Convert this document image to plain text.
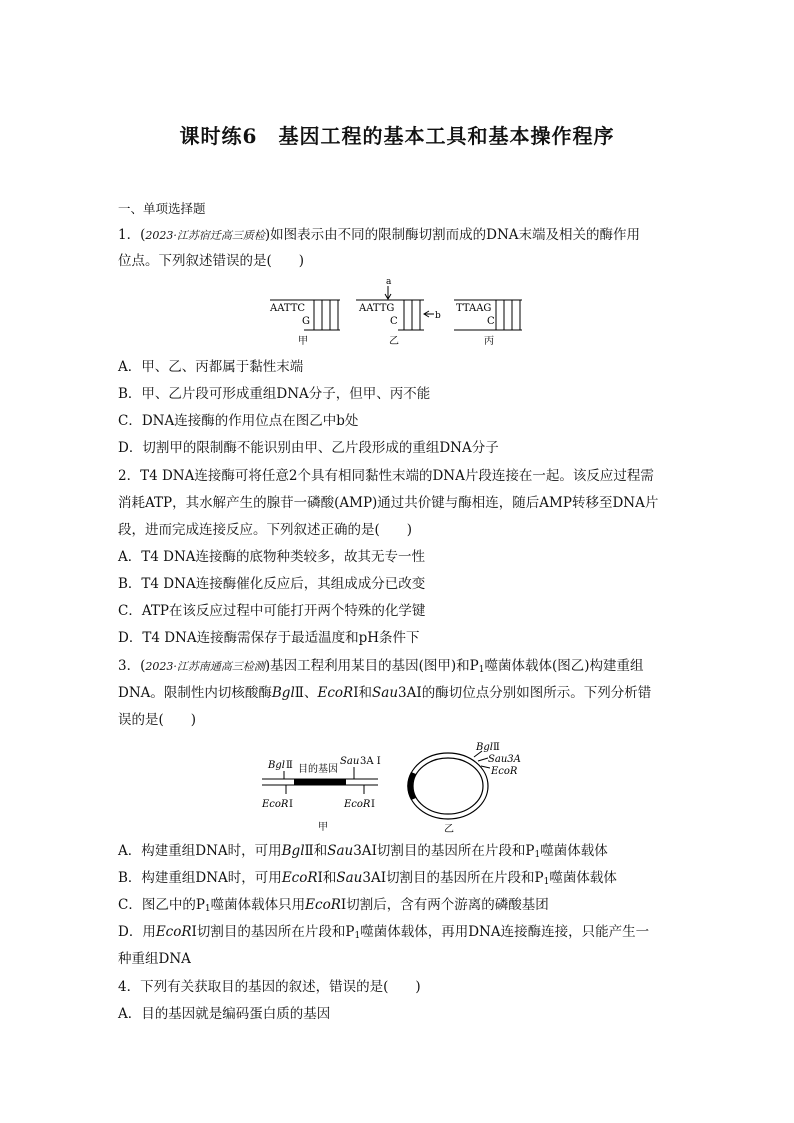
课时练6　基因工程的基本工具和基本操作程序
一、单项选择题
1．(2023·江苏宿迁高三质检)如图表示由不同的限制酶切割而成的DNA末端及相关的酶作用
位点。下列叙述错误的是(　　)
AATTC
G
甲
AATTG
C
乙
a
b
TTAAG
C
丙
A．甲、乙、丙都属于黏性末端
B．甲、乙片段可形成重组DNA分子，但甲、丙不能
C．DNA连接酶的作用位点在图乙中b处
D．切割甲的限制酶不能识别由甲、乙片段形成的重组DNA分子
2．T4 DNA连接酶可将任意2个具有相同黏性末端的DNA片段连接在一起。该反应过程需
消耗ATP，其水解产生的腺苷一磷酸(AMP)通过共价键与酶相连，随后AMP转移至DNA片
段，进而完成连接反应。下列叙述正确的是(　　)
A．T4 DNA连接酶的底物种类较多，故其无专一性
B．T4 DNA连接酶催化反应后，其组成成分已改变
C．ATP在该反应过程中可能打开两个特殊的化学键
D．T4 DNA连接酶需保存于最适温度和pH条件下
3．(2023·江苏南通高三检测)基因工程利用某目的基因(图甲)和$P_1$噬菌体载体(图乙)构建重组
DNA。限制性内切核酸酶BglⅡ、EcoRⅠ和Sau3AⅠ的酶切位点分别如图所示。下列分析错
误的是(　　)
Bgl Ⅱ 目的基因
Sau 3A Ⅰ
EcoR Ⅰ	EcoR Ⅰ
甲
Bgl Ⅱ
Sau3A
EcoR
乙
A．构建重组DNA时，可用BglⅡ和Sau3AⅠ切割目的基因所在片段和$P_1$噬菌体载体
B．构建重组DNA时，可用EcoRⅠ和Sau3AⅠ切割目的基因所在片段和$P_1$噬菌体载体
C．图乙中的$P_1$噬菌体载体只用EcoRⅠ切割后，含有两个游离的磷酸基团
D．用EcoRⅠ切割目的基因所在片段和$P_1$噬菌体载体，再用DNA连接酶连接，只能产生一
种重组DNA
4．下列有关获取目的基因的叙述，错误的是(　　)
A．目的基因就是编码蛋白质的基因
